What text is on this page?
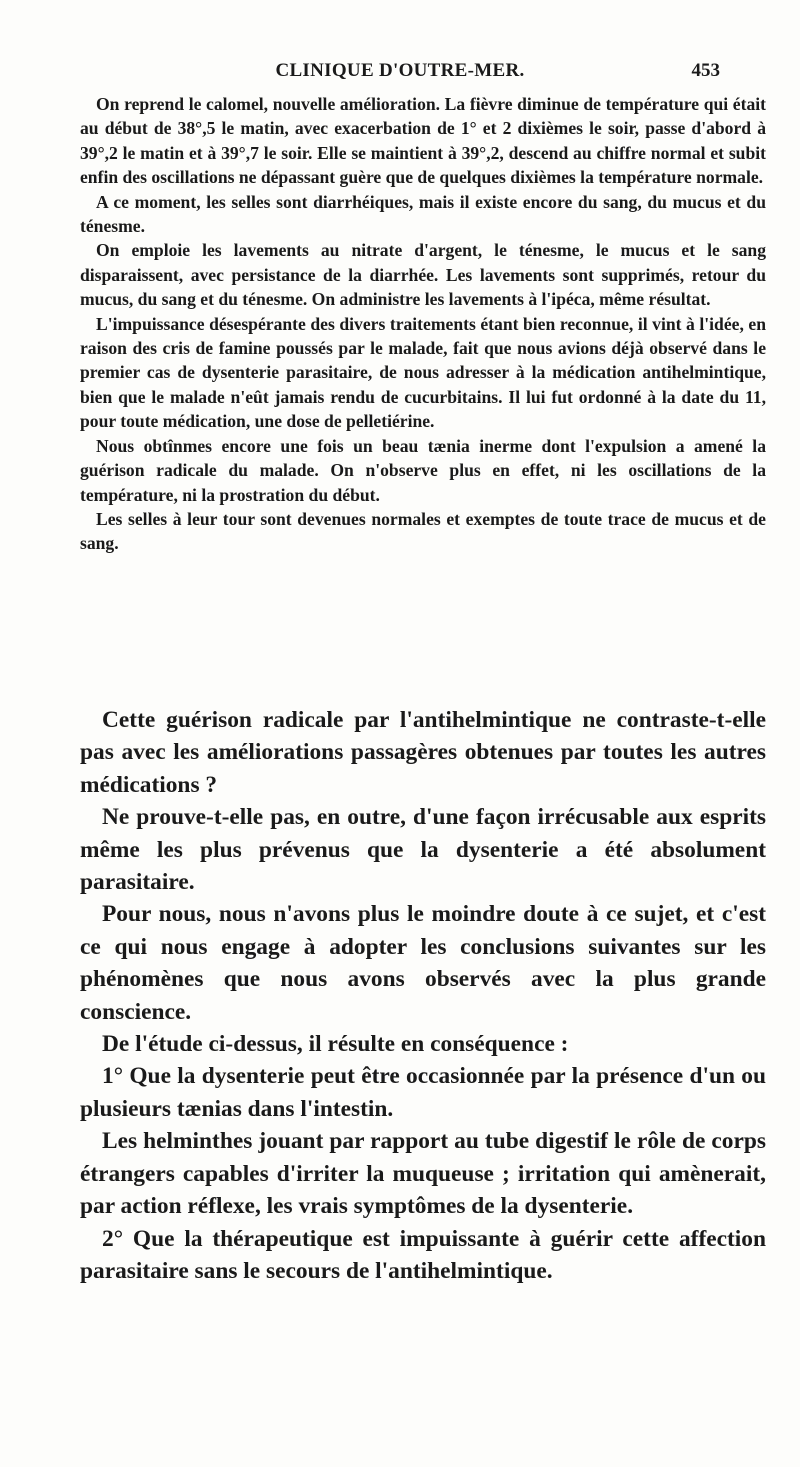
CLINIQUE D'OUTRE-MER.	453

On reprend le calomel, nouvelle amélioration. La fièvre diminue de température qui était au début de 38°,5 le matin, avec exacerbation de 1° et 2 dixièmes le soir, passe d'abord à 39°,2 le matin et à 39°,7 le soir. Elle se maintient à 39°,2, descend au chiffre normal et subit enfin des oscillations ne dépassant guère que de quelques dixièmes la température normale.

A ce moment, les selles sont diarrhéiques, mais il existe encore du sang, du mucus et du ténesme.

On emploie les lavements au nitrate d'argent, le ténesme, le mucus et le sang disparaissent, avec persistance de la diarrhée. Les lavements sont supprimés, retour du mucus, du sang et du ténesme. On administre les lavements à l'ipéca, même résultat.

L'impuissance désespérante des divers traitements étant bien reconnue, il vint à l'idée, en raison des cris de famine poussés par le malade, fait que nous avions déjà observé dans le premier cas de dysenterie parasitaire, de nous adresser à la médication antihelmintique, bien que le malade n'eût jamais rendu de cucurbitains. Il lui fut ordonné à la date du 11, pour toute médication, une dose de pelletiérine.

Nous obtînmes encore une fois un beau tænia inerme dont l'expulsion a amené la guérison radicale du malade. On n'observe plus en effet, ni les oscillations de la température, ni la prostration du début.

Les selles à leur tour sont devenues normales et exemptes de toute trace de mucus et de sang.

Cette guérison radicale par l'antihelmintique ne contraste-t-elle pas avec les améliorations passagères obtenues par toutes les autres médications ?

Ne prouve-t-elle pas, en outre, d'une façon irrécusable aux esprits même les plus prévenus que la dysenterie a été absolument parasitaire.

Pour nous, nous n'avons plus le moindre doute à ce sujet, et c'est ce qui nous engage à adopter les conclusions suivantes sur les phénomènes que nous avons observés avec la plus grande conscience.

De l'étude ci-dessus, il résulte en conséquence :

1° Que la dysenterie peut être occasionnée par la présence d'un ou plusieurs tænias dans l'intestin.

Les helminthes jouant par rapport au tube digestif le rôle de corps étrangers capables d'irriter la muqueuse ; irritation qui amènerait, par action réflexe, les vrais symptômes de la dysenterie.

2° Que la thérapeutique est impuissante à guérir cette affection parasitaire sans le secours de l'antihelmintique.
